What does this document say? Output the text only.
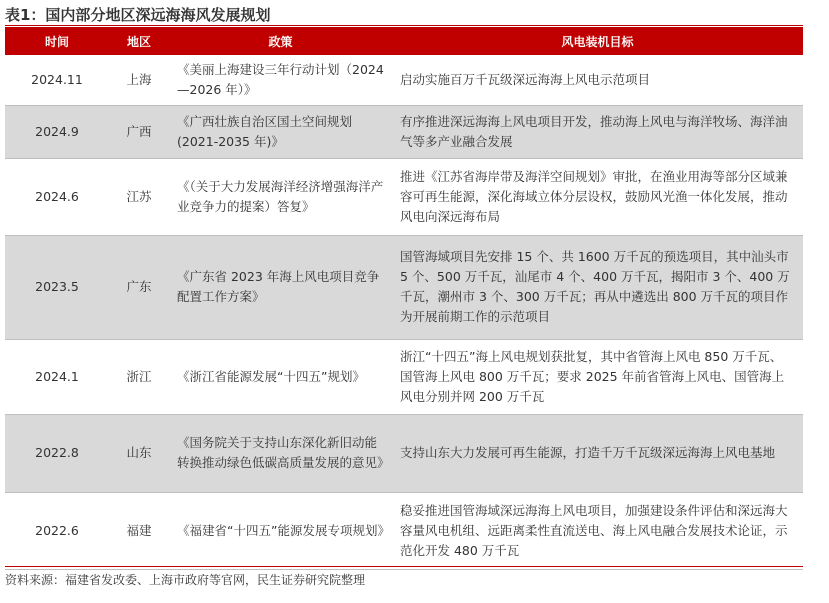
表1：国内部分地区深远海海风发展规划
时间	地区	政策	风电装机目标
2024.11	上海	《美丽上海建设三年行动计划（2024—2026 年）》	启动实施百万千瓦级深远海海上风电示范项目

2024.9	广西	《广西壮族自治区国土空间规划(2021-2035 年)》	有序推进深远海海上风电项目开发，推动海上风电与海洋牧场、海洋油气等多产业融合发展

2024.6	江苏	《（关于大力发展海洋经济增强海洋产业竞争力的提案）答复》	推进《江苏省海岸带及海洋空间规划》审批，在渔业用海等部分区域兼容可再生能源，深化海域立体分层设权，鼓励风光渔一体化发展，推动风电向深远海布局

2023.5	广东	《广东省 2023 年海上风电项目竞争配置工作方案》	国管海域项目先安排 15 个、共 1600 万千瓦的预选项目，其中汕头市 5 个、500 万千瓦，汕尾市 4 个、400 万千瓦，揭阳市 3 个、400 万千瓦，潮州市 3 个、300 万千瓦；再从中遴选出 800 万千瓦的项目作为开展前期工作的示范项目

2024.1	浙江	《浙江省能源发展“十四五”规划》	浙江“十四五”海上风电规划获批复，其中省管海上风电 850 万千瓦、国管海上风电 800 万千瓦；要求 2025 年前省管海上风电、国管海上风电分别并网 200 万千瓦

2022.8	山东	《国务院关于支持山东深化新旧动能转换推动绿色低碳高质量发展的意见》	支持山东大力发展可再生能源，打造千万千瓦级深远海海上风电基地

2022.6	福建	《福建省“十四五”能源发展专项规划》	稳妥推进国管海域深远海海上风电项目，加强建设条件评估和深远海大容量风电机组、远距离柔性直流送电、海上风电融合发展技术论证，示范化开发 480 万千瓦
资料来源：福建省发改委、上海市政府等官网，民生证券研究院整理
